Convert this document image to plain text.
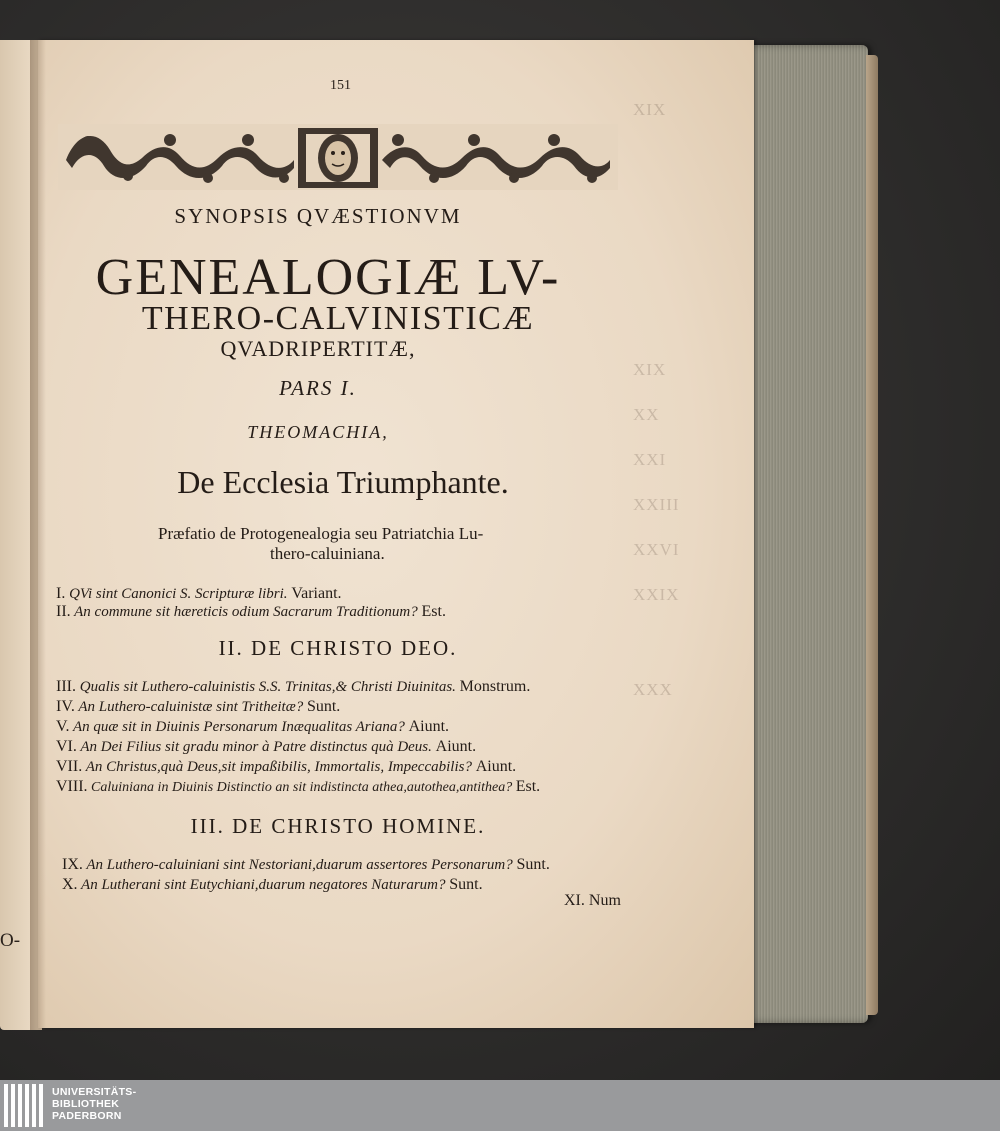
O-
XIX
XIX
XX
XXI
XXIII
XXVI
XXIX
XXX
151
SYNOPSIS QVÆSTIONVM
GENEALOGIÆ LV-
THERO-CALVINISTICÆ
QVADRIPERTITÆ,
PARS I.
THEOMACHIA,
De Ecclesia Triumphante.
Præfatio de Protogenealogia seu Patriatchia Lu-
thero-caluiniana.
I. QVi sint Canonici S. Scripturæ libri. Variant.
II. An commune sit hæreticis odium Sacrarum Traditionum? Est.
II. DE CHRISTO DEO.
III. Qualis sit Luthero-caluinistis S.S. Trinitas,& Christi Diuinitas. Monstrum.
IV. An Luthero-caluinistæ sint Tritheitæ? Sunt.
V. An quæ sit in Diuinis Personarum Inæqualitas Ariana? Aiunt.
VI. An Dei Filius sit gradu minor à Patre distinctus quà Deus. Aiunt.
VII. An Christus,quà Deus,sit impaßibilis, Immortalis, Impeccabilis? Aiunt.
VIII. Caluiniana in Diuinis Distinctio an sit indistincta athea,autothea,antithea? Est.
III. DE CHRISTO HOMINE.
IX. An Luthero-caluiniani sint Nestoriani,duarum assertores Personarum? Sunt.
X. An Lutherani sint Eutychiani,duarum negatores Naturarum? Sunt.
XI. Num
UNIVERSITÄTS-
BIBLIOTHEK
PADERBORN
